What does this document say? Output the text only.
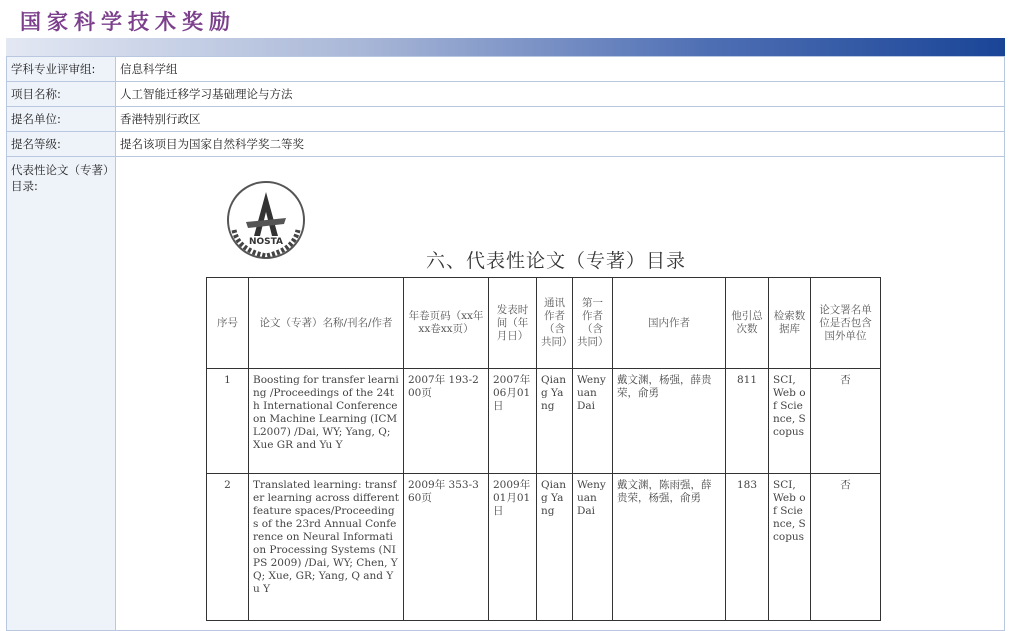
国家科学技术奖励
学科专业评审组:	信息科学组
项目名称:	人工智能迁移学习基础理论与方法
提名单位:	香港特别行政区
提名等级:	提名该项目为国家自然科学奖二等奖
代表性论文（专著）目录:	
NOSTA
六、代表性论文（专著）目录
序号	论文（专著）名称/刊名/作者	年卷页码（xx年xx卷xx页）	发表时间（年月日）	通讯作者（含共同）	第一作者（含共同）	国内作者	他引总次数	检索数据库	论文署名单位是否包含国外单位
1	Boosting for transfer learning /Proceedings of the 24th International Conference on Machine Learning (ICML2007) /Dai, WY; Yang, Q; Xue GR and Yu Y	2007年 193-200页	2007年06月01日	Qiang Yang	Wenyuan Dai	戴文渊，杨强，薛贵荣，俞勇	811	SCI, Web of Science, Scopus	否
2	Translated learning: transfer learning across different feature spaces/Proceedings of the 23rd Annual Conference on Neural Information Processing Systems (NIPS 2009) /Dai, WY; Chen, YQ; Xue, GR; Yang, Q and Yu Y	2009年 353-360页	2009年01月01日	Qiang Yang	Wenyuan Dai	戴文渊，陈雨强，薛贵荣，杨强，俞勇	183	SCI, Web of Science, Scopus	否
